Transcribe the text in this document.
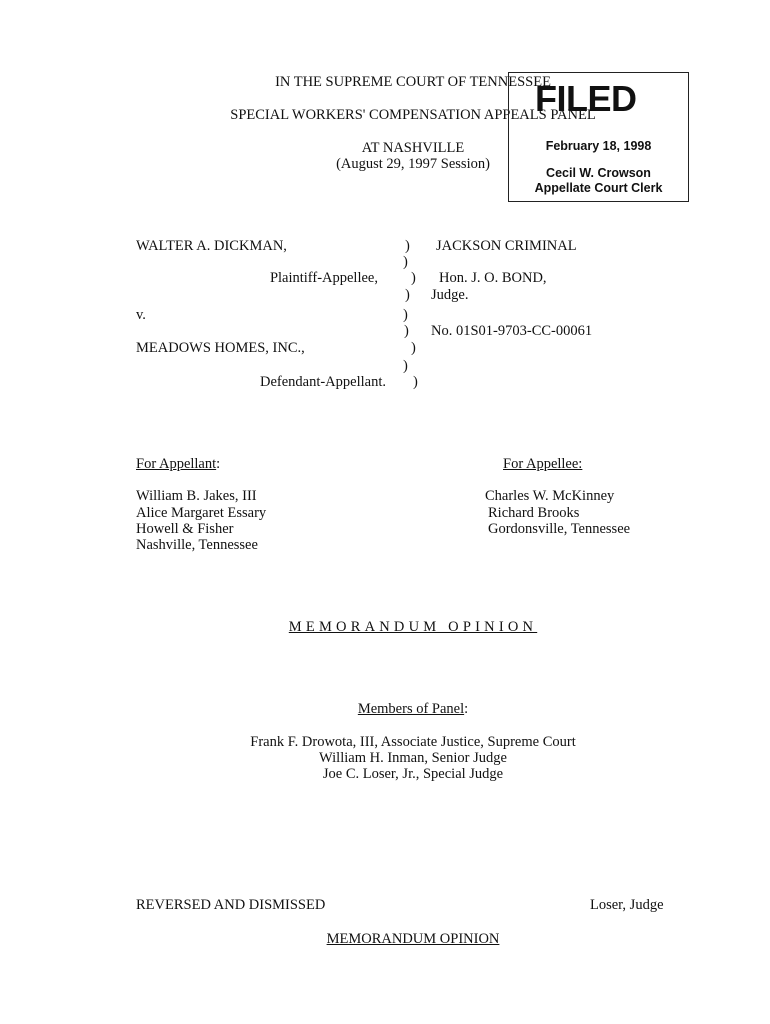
IN THE SUPREME COURT OF TENNESSEE
SPECIAL WORKERS' COMPENSATION APPEALS PANEL
AT NASHVILLE
(August 29, 1997 Session)
FILED
February 18, 1998
Cecil W. Crowson
Appellate Court Clerk
WALTER A. DICKMAN,
Plaintiff-Appellee,
v.
MEADOWS HOMES, INC.,
Defendant-Appellant.
)
)
)
)
)
)
)
)
)
JACKSON CRIMINAL
Hon. J. O. BOND,
Judge.
No. 01S01-9703-CC-00061
For Appellant:	For Appellee:
William B. Jakes, III
Alice Margaret Essary
Howell & Fisher
Nashville, Tennessee
Charles W. McKinney
Richard Brooks
Gordonsville, Tennessee
MEMORANDUM OPINION
Members of Panel:
Frank F. Drowota, III, Associate Justice, Supreme Court
William H. Inman, Senior Judge
Joe C. Loser, Jr., Special Judge
REVERSED AND DISMISSED	Loser, Judge
MEMORANDUM OPINION
